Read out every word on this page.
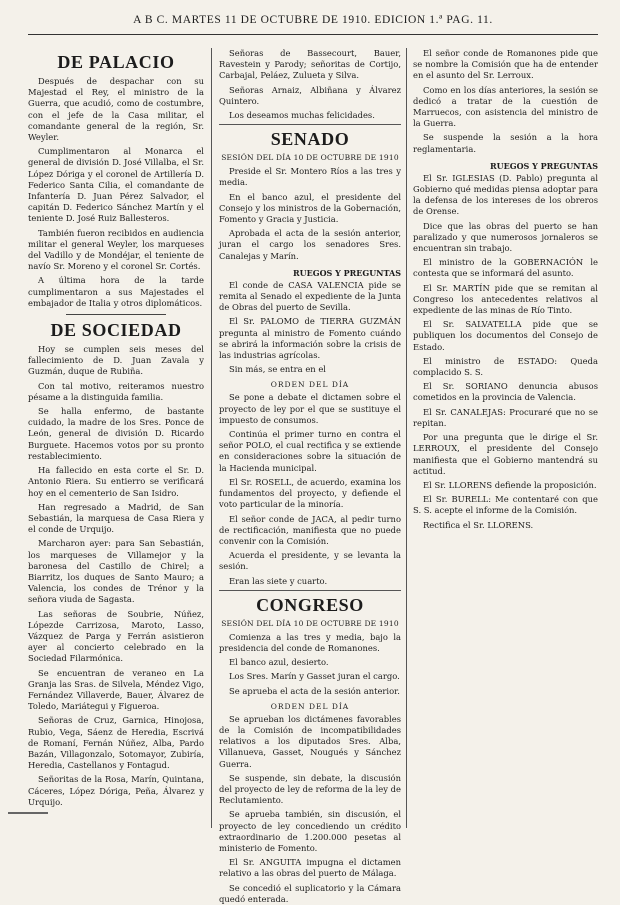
A B C. MARTES 11 DE OCTUBRE DE 1910. EDICION 1.ª PAG. 11.
DE PALACIO

Después de despachar con su Majestad el Rey, el ministro de la Guerra, que acudió, como de costumbre, con el jefe de la Casa militar, el comandante general de la región, Sr. Weyler.

Cumplimentaron al Monarca el general de división D. José Villalba, el Sr. López Dóriga y el coronel de Artillería D. Federico Santa Cilia, el comandante de Infantería D. Juan Pérez Salvador, el capitán D. Federico Sánchez Martín y el teniente D. José Ruiz Ballesteros.

También fueron recibidos en audiencia militar el general Weyler, los marqueses del Vadillo y de Mondéjar, el teniente de navío Sr. Moreno y el coronel Sr. Cortés.

A última hora de la tarde cumplimentaron a sus Majestades el embajador de Italia y otros diplomáticos.

DE SOCIEDAD

Hoy se cumplen seis meses del fallecimiento de D. Juan Zavala y Guzmán, duque de Rubiña.

Con tal motivo, reiteramos nuestro pésame a la distinguida familia.

Se halla enfermo, de bastante cuidado, la madre de los Sres. Ponce de León, general de división D. Ricardo Burguete. Hacemos votos por su pronto restablecimiento.

Ha fallecido en esta corte el Sr. D. Antonio Riera. Su entierro se verificará hoy en el cementerio de San Isidro.

Han regresado a Madrid, de San Sebastián, la marquesa de Casa Riera y el conde de Urquijo.

Marcharon ayer: para San Sebastián, los marqueses de Villamejor y la baronesa del Castillo de Chirel; a Biarritz, los duques de Santo Mauro; a Valencia, los condes de Trénor y la señora viuda de Sagasta.

Las señoras de Soubrie, Núñez, Lópezde Carrizosa, Maroto, Lasso, Vázquez de Parga y Ferrán asistieron ayer al concierto celebrado en la Sociedad Filarmónica.

Se encuentran de veraneo en La Granja las Sras. de Silvela, Méndez Vigo, Fernández Villaverde, Bauer, Álvarez de Toledo, Mariátegui y Figueroa.

Señoras de Cruz, Garnica, Hinojosa, Rubio, Vega, Sáenz de Heredia, Escrivá de Romaní, Fernán Núñez, Alba, Pardo Bazán, Villagonzalo, Sotomayor, Zubiría, Heredia, Castellanos y Fontagud.

Señoritas de la Rosa, Marín, Quintana, Cáceres, López Dóriga, Peña, Álvarez y Urquijo.

Señoras de Bassecourt, Bauer, Ravestein y Parody; señoritas de Cortijo, Carbajal, Peláez, Zulueta y Silva.

Señoras Arnaiz, Albiñana y Álvarez Quintero.

Los deseamos muchas felicidades.

SENADO
SESIÓN DEL DÍA 10 DE OCTUBRE DE 1910

Preside el Sr. Montero Ríos a las tres y media.

En el banco azul, el presidente del Consejo y los ministros de la Gobernación, Fomento y Gracia y Justicia.

Aprobada el acta de la sesión anterior, juran el cargo los senadores Sres. Canalejas y Marín.

RUEGOS Y PREGUNTAS

El conde de CASA VALENCIA pide se remita al Senado el expediente de la Junta de Obras del puerto de Sevilla.

El Sr. PALOMO de TIERRA GUZMÁN pregunta al ministro de Fomento cuándo se abrirá la información sobre la crisis de las industrias agrícolas.

Sin más, se entra en el

ORDEN DEL DÍA

Se pone a debate el dictamen sobre el proyecto de ley por el que se sustituye el impuesto de consumos.

Continúa el primer turno en contra el señor POLO, el cual rectifica y se extiende en consideraciones sobre la situación de la Hacienda municipal.

El Sr. ROSELL, de acuerdo, examina los fundamentos del proyecto, y defiende el voto particular de la minoría.

El señor conde de JACA, al pedir turno de rectificación, manifiesta que no puede convenir con la Comisión.

Acuerda el presidente, y se levanta la sesión.

Eran las siete y cuarto.

CONGRESO
SESIÓN DEL DÍA 10 DE OCTUBRE DE 1910

Comienza a las tres y media, bajo la presidencia del conde de Romanones.

El banco azul, desierto.

Los Sres. Marín y Gasset juran el cargo.

Se aprueba el acta de la sesión anterior.

ORDEN DEL DÍA

Se aprueban los dictámenes favorables de la Comisión de incompatibilidades relativos a los diputados Sres. Alba, Villanueva, Gasset, Nougués y Sánchez Guerra.

Se suspende, sin debate, la discusión del proyecto de ley de reforma de la ley de Reclutamiento.

Se aprueba también, sin discusión, el proyecto de ley concediendo un crédito extraordinario de 1.200.000 pesetas al ministerio de Fomento.

El Sr. ANGUITA impugna el dictamen relativo a las obras del puerto de Málaga.

Se concedió el suplicatorio y la Cámara quedó enterada.

El señor conde de Romanones pide que se nombre la Comisión que ha de entender en el asunto del Sr. Lerroux.

Como en los días anteriores, la sesión se dedicó a tratar de la cuestión de Marruecos, con asistencia del ministro de la Guerra.

Se suspende la sesión a la hora reglamentaria.

RUEGOS Y PREGUNTAS

El Sr. IGLESIAS (D. Pablo) pregunta al Gobierno qué medidas piensa adoptar para la defensa de los intereses de los obreros de Orense.

Dice que las obras del puerto se han paralizado y que numerosos jornaleros se encuentran sin trabajo.

El ministro de la GOBERNACIÓN le contesta que se informará del asunto.

El Sr. MARTÍN pide que se remitan al Congreso los antecedentes relativos al expediente de las minas de Río Tinto.

El Sr. SALVATELLA pide que se publiquen los documentos del Consejo de Estado.

El ministro de ESTADO: Queda complacido S. S.

El Sr. SORIANO denuncia abusos cometidos en la provincia de Valencia.

El Sr. CANALEJAS: Procuraré que no se repitan.

Por una pregunta que le dirige el Sr. LERROUX, el presidente del Consejo manifiesta que el Gobierno mantendrá su actitud.

El Sr. LLORENS defiende la proposición.

El Sr. BURELL: Me contentaré con que S. S. acepte el informe de la Comisión.

Rectifica el Sr. LLORENS.
